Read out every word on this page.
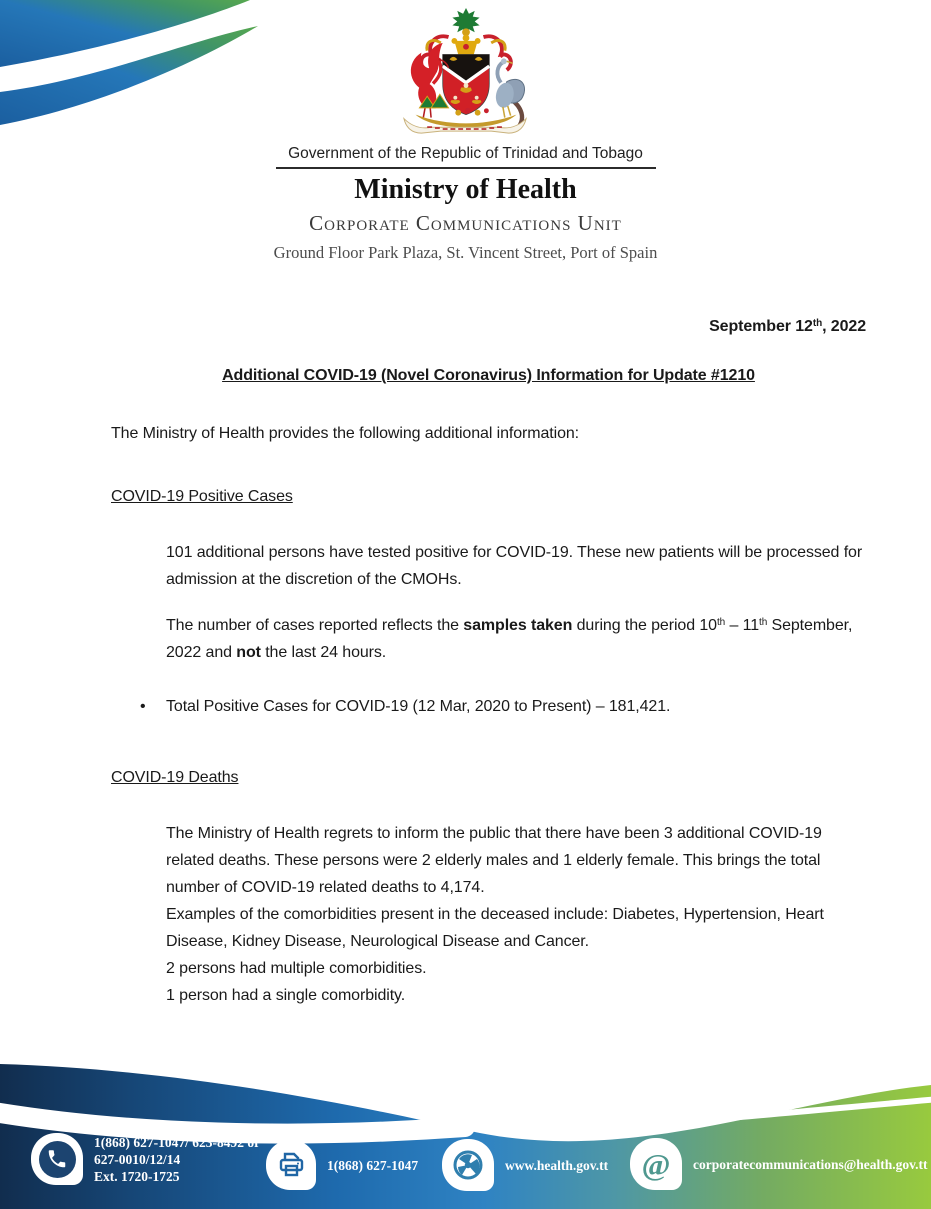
Government of the Republic of Trinidad and Tobago
Ministry of Health
Corporate Communications Unit
Ground Floor Park Plaza, St. Vincent Street, Port of Spain
September 12th, 2022
Additional COVID-19 (Novel Coronavirus) Information for Update #1210

The Ministry of Health provides the following additional information:

COVID-19 Positive Cases

101 additional persons have tested positive for COVID-19. These new patients will be processed for admission at the discretion of the CMOHs.

The number of cases reported reflects the samples taken during the period 10th – 11th September, 2022 and not the last 24 hours.

•
Total Positive Cases for COVID-19 (12 Mar, 2020 to Present) – 181,421.

COVID-19 Deaths

The Ministry of Health regrets to inform the public that there have been 3 additional COVID-19 related deaths. These persons were 2 elderly males and 1 elderly female. This brings the total number of COVID-19 related deaths to 4,174.

Examples of the comorbidities present in the deceased include: Diabetes, Hypertension, Heart Disease, Kidney Disease, Neurological Disease and Cancer.

2 persons had multiple comorbidities.

1 person had a single comorbidity.

1(868) 627-1047/ 623-8492 or
627-0010/12/14
Ext. 1720-1725
1(868) 627-1047	www.health.gov.tt @ corporatecommunications@health.gov.tt
